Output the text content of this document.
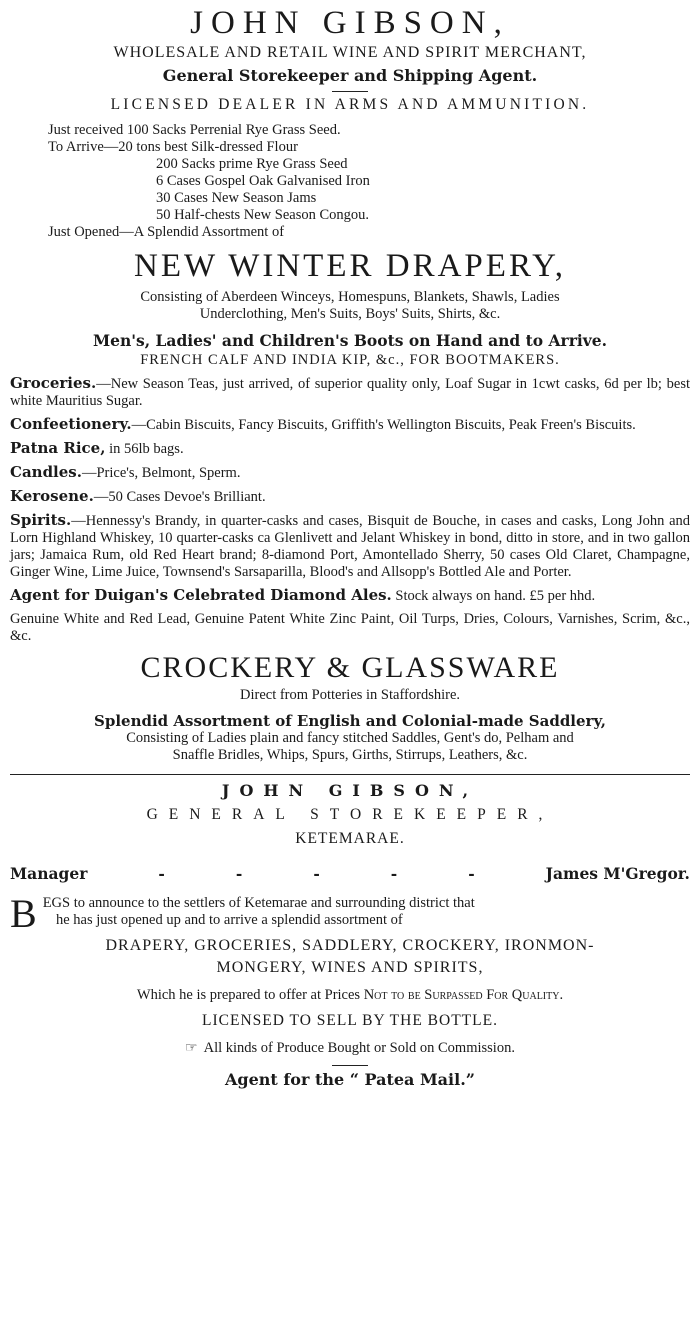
JOHN GIBSON,
WHOLESALE AND RETAIL WINE AND SPIRIT MERCHANT,
General Storekeeper and Shipping Agent.
LICENSED DEALER IN ARMS AND AMMUNITION.
Just received 100 Sacks Perrenial Rye Grass Seed.
To Arrive—20 tons best Silk-dressed Flour
200 Sacks prime Rye Grass Seed
6 Cases Gospel Oak Galvanised Iron
30 Cases New Season Jams
50 Half-chests New Season Congou.
Just Opened—A Splendid Assortment of
NEW WINTER DRAPERY,
Consisting of Aberdeen Winceys, Homespuns, Blankets, Shawls, Ladies
Underclothing, Men's Suits, Boys' Suits, Shirts, &c.
Men's, Ladies' and Children's Boots on Hand and to Arrive.
FRENCH CALF AND INDIA KIP, &c., FOR BOOTMAKERS.
Groceries.—New Season Teas, just arrived, of superior quality only, Loaf Sugar in 1cwt casks, 6d per lb; best white Mauritius Sugar.
Confeetionery.—Cabin Biscuits, Fancy Biscuits, Griffith's Wellington Biscuits, Peak Freen's Biscuits.
Patna Rice, in 56lb bags.
Candles.—Price's, Belmont, Sperm.
Kerosene.—50 Cases Devoe's Brilliant.
Spirits.—Hennessy's Brandy, in quarter-casks and cases, Bisquit de Bouche, in cases and casks, Long John and Lorn Highland Whiskey, 10 quarter-casks ca Glenlivett and Jelant Whiskey in bond, ditto in store, and in two gallon jars; Jamaica Rum, old Red Heart brand; 8-diamond Port, Amontellado Sherry, 50 cases Old Claret, Champagne, Ginger Wine, Lime Juice, Townsend's Sarsaparilla, Blood's and Allsopp's Bottled Ale and Porter.
Agent for Duigan's Celebrated Diamond Ales. Stock always on hand. £5 per hhd.
Genuine White and Red Lead, Genuine Patent White Zinc Paint, Oil Turps, Dries, Colours, Varnishes, Scrim, &c., &c.
CROCKERY & GLASSWARE
Direct from Potteries in Staffordshire.
Splendid Assortment of English and Colonial-made Saddlery,
Consisting of Ladies plain and fancy stitched Saddles, Gent's do, Pelham and
Snaffle Bridles, Whips, Spurs, Girths, Stirrups, Leathers, &c.
JOHN GIBSON,
GENERAL STOREKEEPER,
KETEMARAE.
Manager	-	-	-	-	-	James M'Gregor.
B EGS to announce to the settlers of Ketemarae and surrounding district that
he has just opened up and to arrive a splendid assortment of
DRAPERY, GROCERIES, SADDLERY, CROCKERY, IRONMON-
MONGERY, WINES AND SPIRITS,
Which he is prepared to offer at Prices Not to be Surpassed For Quality.
LICENSED TO SELL BY THE BOTTLE.
☞ All kinds of Produce Bought or Sold on Commission.
Agent for the “ Patea Mail.”
